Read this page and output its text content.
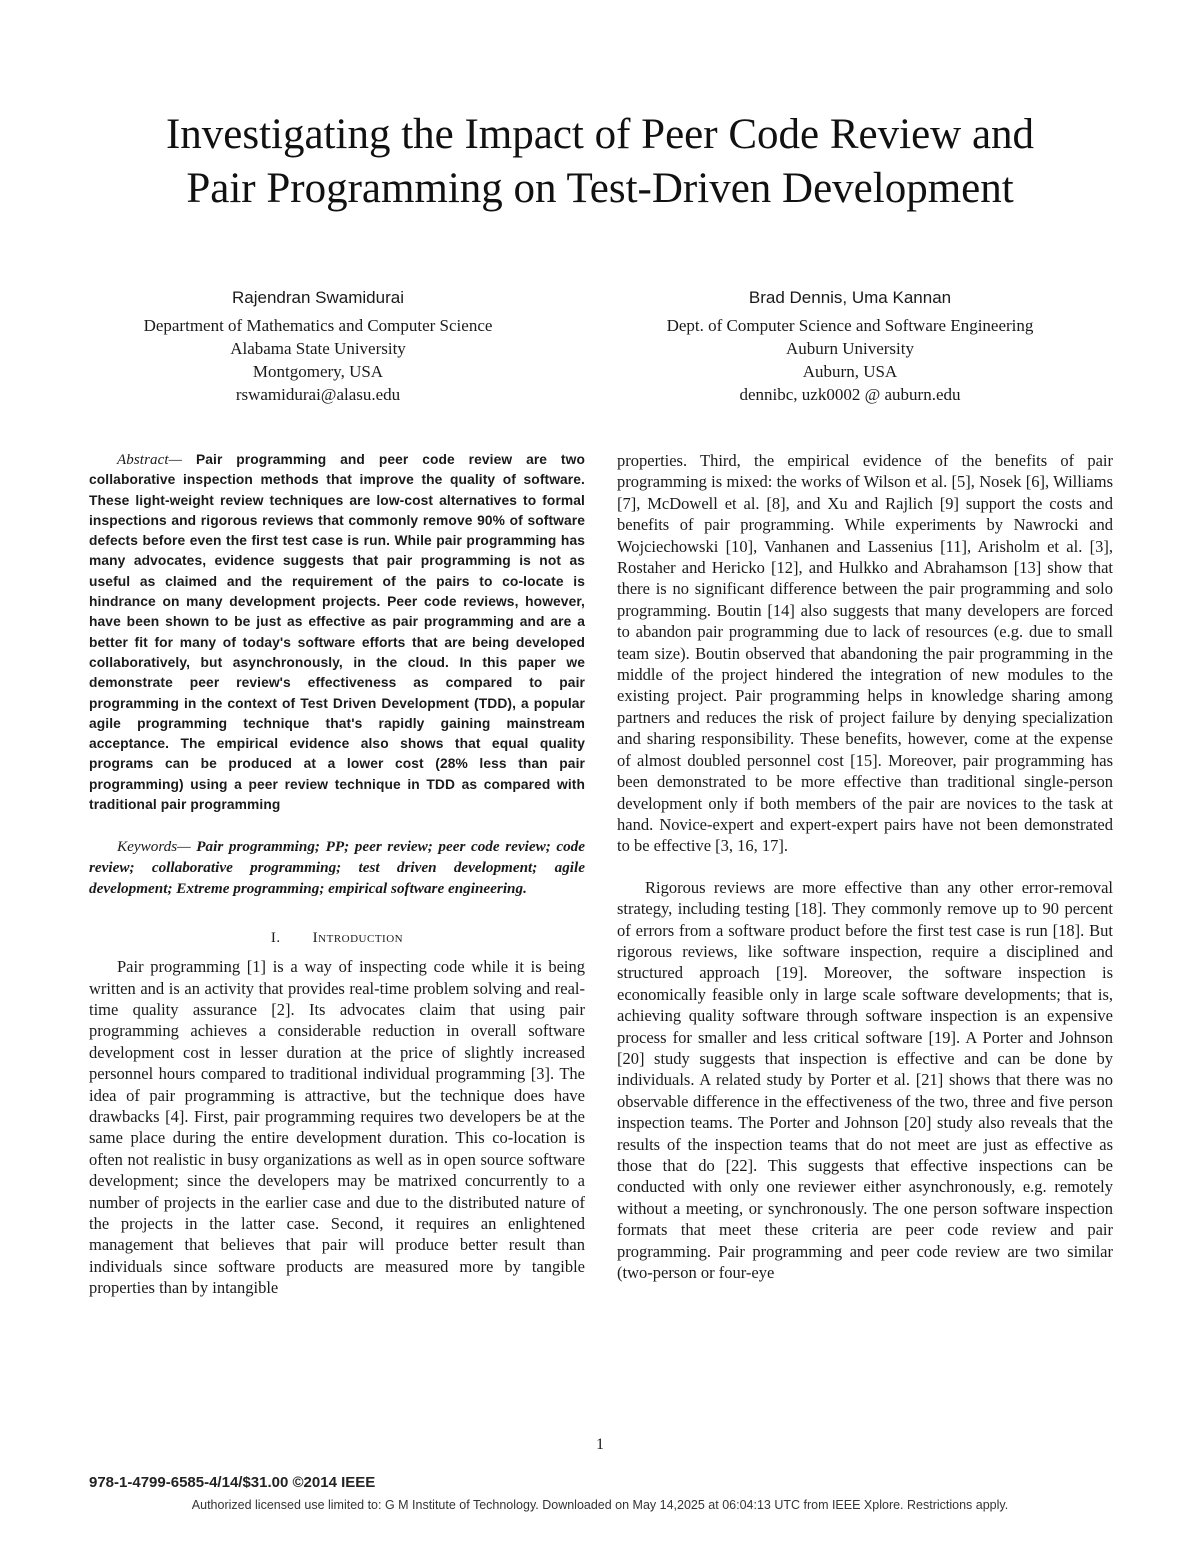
Investigating the Impact of Peer Code Review and
Pair Programming on Test-Driven Development
Rajendran Swamidurai
Department of Mathematics and Computer Science
Alabama State University
Montgomery, USA
rswamidurai@alasu.edu
Brad Dennis, Uma Kannan
Dept. of Computer Science and Software Engineering
Auburn University
Auburn, USA
dennibc, uzk0002 @ auburn.edu

Abstract— Pair programming and peer code review are two collaborative inspection methods that improve the quality of software. These light-weight review techniques are low-cost alternatives to formal inspections and rigorous reviews that commonly remove 90% of software defects before even the first test case is run. While pair programming has many advocates, evidence suggests that pair programming is not as useful as claimed and the requirement of the pairs to co-locate is hindrance on many development projects. Peer code reviews, however, have been shown to be just as effective as pair programming and are a better fit for many of today's software efforts that are being developed collaboratively, but asynchronously, in the cloud. In this paper we demonstrate peer review's effectiveness as compared to pair programming in the context of Test Driven Development (TDD), a popular agile programming technique that's rapidly gaining mainstream acceptance. The empirical evidence also shows that equal quality programs can be produced at a lower cost (28% less than pair programming) using a peer review technique in TDD as compared with traditional pair programming

Keywords— Pair programming; PP; peer review; peer code review; code review; collaborative programming; test driven development; agile development; Extreme programming; empirical software engineering.

I. Introduction

Pair programming [1] is a way of inspecting code while it is being written and is an activity that provides real-time problem solving and real-time quality assurance [2]. Its advocates claim that using pair programming achieves a considerable reduction in overall software development cost in lesser duration at the price of slightly increased personnel hours compared to traditional individual programming [3]. The idea of pair programming is attractive, but the technique does have drawbacks [4]. First, pair programming requires two developers be at the same place during the entire development duration. This co-location is often not realistic in busy organizations as well as in open source software development; since the developers may be matrixed concurrently to a number of projects in the earlier case and due to the distributed nature of the projects in the latter case. Second, it requires an enlightened management that believes that pair will produce better result than individuals since software products are measured more by tangible properties than by intangible

properties. Third, the empirical evidence of the benefits of pair programming is mixed: the works of Wilson et al. [5], Nosek [6], Williams [7], McDowell et al. [8], and Xu and Rajlich [9] support the costs and benefits of pair programming. While experiments by Nawrocki and Wojciechowski [10], Vanhanen and Lassenius [11], Arisholm et al. [3], Rostaher and Hericko [12], and Hulkko and Abrahamson [13] show that there is no significant difference between the pair programming and solo programming. Boutin [14] also suggests that many developers are forced to abandon pair programming due to lack of resources (e.g. due to small team size). Boutin observed that abandoning the pair programming in the middle of the project hindered the integration of new modules to the existing project. Pair programming helps in knowledge sharing among partners and reduces the risk of project failure by denying specialization and sharing responsibility. These benefits, however, come at the expense of almost doubled personnel cost [15]. Moreover, pair programming has been demonstrated to be more effective than traditional single-person development only if both members of the pair are novices to the task at hand. Novice-expert and expert-expert pairs have not been demonstrated to be effective [3, 16, 17].

Rigorous reviews are more effective than any other error-removal strategy, including testing [18]. They commonly remove up to 90 percent of errors from a software product before the first test case is run [18]. But rigorous reviews, like software inspection, require a disciplined and structured approach [19]. Moreover, the software inspection is economically feasible only in large scale software developments; that is, achieving quality software through software inspection is an expensive process for smaller and less critical software [19]. A Porter and Johnson [20] study suggests that inspection is effective and can be done by individuals. A related study by Porter et al. [21] shows that there was no observable difference in the effectiveness of the two, three and five person inspection teams. The Porter and Johnson [20] study also reveals that the results of the inspection teams that do not meet are just as effective as those that do [22]. This suggests that effective inspections can be conducted with only one reviewer either asynchronously, e.g. remotely without a meeting, or synchronously. The one person software inspection formats that meet these criteria are peer code review and pair programming. Pair programming and peer code review are two similar (two-person or four-eye

1
978-1-4799-6585-4/14/$31.00 ©2014 IEEE
Authorized licensed use limited to: G M Institute of Technology. Downloaded on May 14,2025 at 06:04:13 UTC from IEEE Xplore. Restrictions apply.
